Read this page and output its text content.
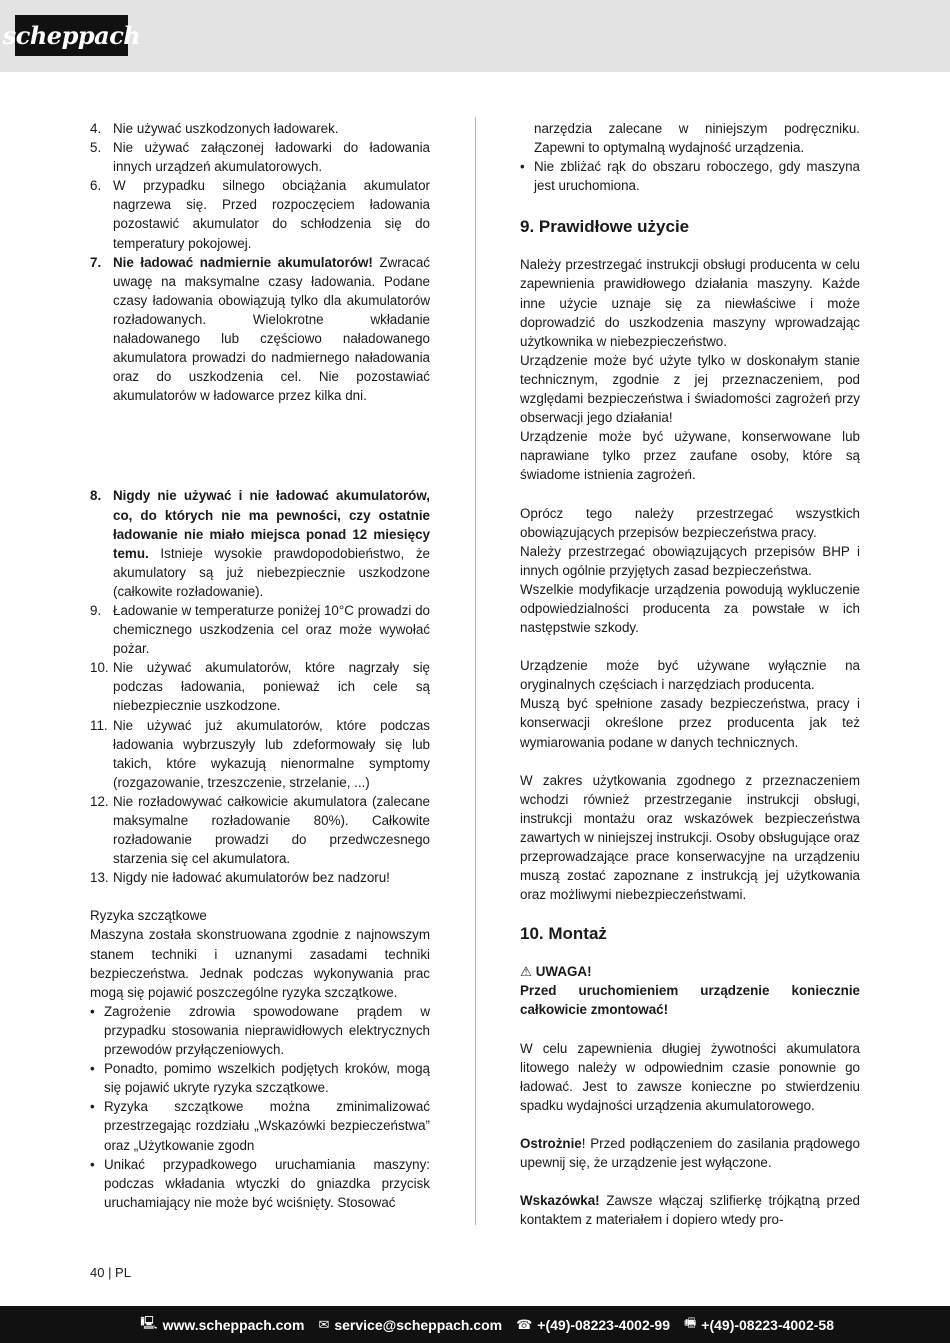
scheppach
4. Nie używać uszkodzonych ładowarek.
5. Nie używać załączonej ładowarki do ładowania innych urządzeń akumulatorowych.
6. W przypadku silnego obciążania akumulator nagrzewa się. Przed rozpoczęciem ładowania pozostawić akumulator do schłodzenia się do temperatury pokojowej.
7. Nie ładować nadmiernie akumulatorów! Zwracać uwagę na maksymalne czasy ładowania. Podane czasy ładowania obowiązują tylko dla akumulatorów rozładowanych. Wielokrotne wkładanie naładowanego lub częściowo naładowanego akumulatora prowadzi do nadmiernego naładowania oraz do uszkodzenia cel. Nie pozostawiać akumulatorów w ładowarce przez kilka dni.
8. Nigdy nie używać i nie ładować akumulatorów, co, do których nie ma pewności, czy ostatnie ładowanie nie miało miejsca ponad 12 miesięcy temu. Istnieje wysokie prawdopodobieństwo, że akumulatory są już niebezpiecznie uszkodzone (całkowite rozładowanie).
9. Ładowanie w temperaturze poniżej 10°C prowadzi do chemicznego uszkodzenia cel oraz może wywołać pożar.
10. Nie używać akumulatorów, które nagrzały się podczas ładowania, ponieważ ich cele są niebezpiecznie uszkodzone.
11. Nie używać już akumulatorów, które podczas ładowania wybrzuszyły lub zdeformowały się lub takich, które wykazują nienormalne symptomy (rozgazowanie, trzeszczenie, strzelanie, ...)
12. Nie rozładowywać całkowicie akumulatora (zalecane maksymalne rozładowanie 80%). Całkowite rozładowanie prowadzi do przedwczesnego starzenia się cel akumulatora.
13. Nigdy nie ładować akumulatorów bez nadzoru!

Ryzyka szczątkowe

Maszyna została skonstruowana zgodnie z najnowszym stanem techniki i uznanymi zasadami techniki bezpieczeństwa. Jednak podczas wykonywania prac mogą się pojawić poszczególne ryzyka szczątkowe.

• Zagrożenie zdrowia spowodowane prądem w przypadku stosowania nieprawidłowych elektrycznych przewodów przyłączeniowych.
• Ponadto, pomimo wszelkich podjętych kroków, mogą się pojawić ukryte ryzyka szczątkowe.
• Ryzyka szczątkowe można zminimalizować przestrzegając rozdziału „Wskazówki bezpieczeństwa” oraz „Użytkowanie zgodn
• Unikać przypadkowego uruchamiania maszyny: podczas wkładania wtyczki do gniazdka przycisk uruchamiający nie może być wciśnięty. Stosować
narzędzia zalecane w niniejszym podręczniku. Zapewni to optymalną wydajność urządzenia.
• Nie zbliżać rąk do obszaru roboczego, gdy maszyna jest uruchomiona.
9. Prawidłowe użycie

Należy przestrzegać instrukcji obsługi producenta w celu zapewnienia prawidłowego działania maszyny. Każde inne użycie uznaje się za niewłaściwe i może doprowadzić do uszkodzenia maszyny wprowadzając użytkownika w niebezpieczeństwo.

Urządzenie może być użyte tylko w doskonałym stanie technicznym, zgodnie z jej przeznaczeniem, pod względami bezpieczeństwa i świadomości zagrożeń przy obserwacji jego działania!

Urządzenie może być używane, konserwowane lub naprawiane tylko przez zaufane osoby, które są świadome istnienia zagrożeń.

Oprócz tego należy przestrzegać wszystkich obowiązujących przepisów bezpieczeństwa pracy.

Należy przestrzegać obowiązujących przepisów BHP i innych ogólnie przyjętych zasad bezpieczeństwa.

Wszelkie modyfikacje urządzenia powodują wykluczenie odpowiedzialności producenta za powstałe w ich następstwie szkody.

Urządzenie może być używane wyłącznie na oryginalnych częściach i narzędziach producenta.

Muszą być spełnione zasady bezpieczeństwa, pracy i konserwacji określone przez producenta jak też wymiarowania podane w danych technicznych.

W zakres użytkowania zgodnego z przeznaczeniem wchodzi również przestrzeganie instrukcji obsługi, instrukcji montażu oraz wskazówek bezpieczeństwa zawartych w niniejszej instrukcji. Osoby obsługujące oraz przeprowadzające prace konserwacyjne na urządzeniu muszą zostać zapoznane z instrukcją jej użytkowania oraz możliwymi niebezpieczeństwami.

10. Montaż

⚠ UWAGA!

Przed uruchomieniem urządzenie koniecznie całkowicie zmontować!

W celu zapewnienia długiej żywotności akumulatora litowego należy w odpowiednim czasie ponownie go ładować. Jest to zawsze konieczne po stwierdzeniu spadku wydajności urządzenia akumulatorowego.

Ostrożnie! Przed podłączeniem do zasilania prądowego upewnij się, że urządzenie jest wyłączone.

Wskazówka! Zawsze włączaj szlifierkę trójkątną przed kontaktem z materiałem i dopiero wtedy pro-

40 | PL
🖳 www.scheppach.com ✉ service@scheppach.com ☎ +(49)-08223-4002-99 🖷 +(49)-08223-4002-58
